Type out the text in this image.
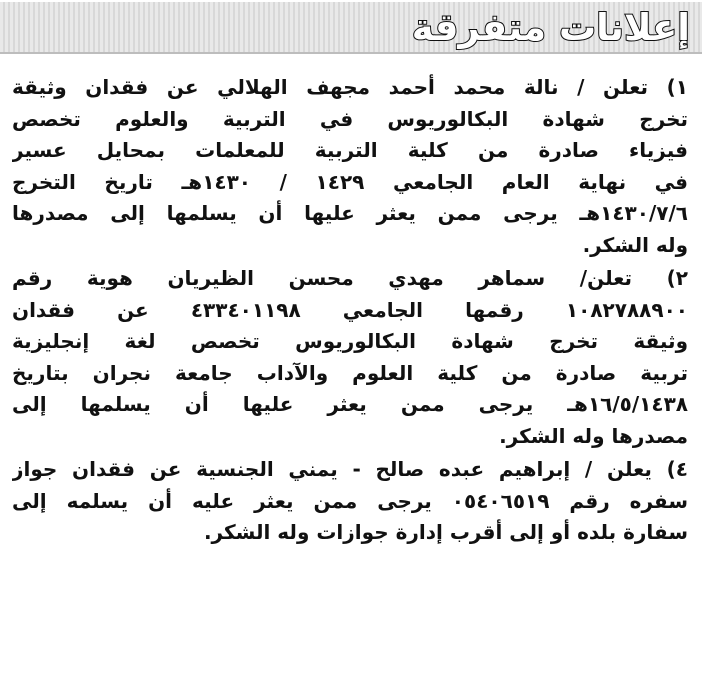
إعلانات متفرقة
١) تعلن / نالة محمد أحمد مجهف الهلالي عن فقدان وثيقة
تخرج شهادة البكالوريوس في التربية والعلوم تخصص
فيزياء صادرة من كلية التربية للمعلمات بمحايل عسير
في نهاية العام الجامعي ١٤٢٩ / ١٤٣٠هـ تاريخ التخرج
١٤٣٠/٧/٦هـ يرجى ممن يعثر عليها أن يسلمها إلى مصدرها
وله الشكر.
٢) تعلن/ سماهر مهدي محسن الظيريان هوية رقم
١٠٨٢٧٨٨٩٠٠ رقمها الجامعي ٤٣٣٤٠١١٩٨ عن فقدان
وثيقة تخرج شهادة البكالوريوس تخصص لغة إنجليزية
تربية صادرة من كلية العلوم والآداب جامعة نجران بتاريخ
١٦/٥/١٤٣٨هـ يرجى ممن يعثر عليها أن يسلمها إلى
مصدرها وله الشكر.
٤) يعلن / إبراهيم عبده صالح - يمني الجنسية عن فقدان جواز
سفره رقم ٠٥٤٠٦٥١٩ يرجى ممن يعثر عليه أن يسلمه إلى
سفارة بلده أو إلى أقرب إدارة جوازات وله الشكر.
